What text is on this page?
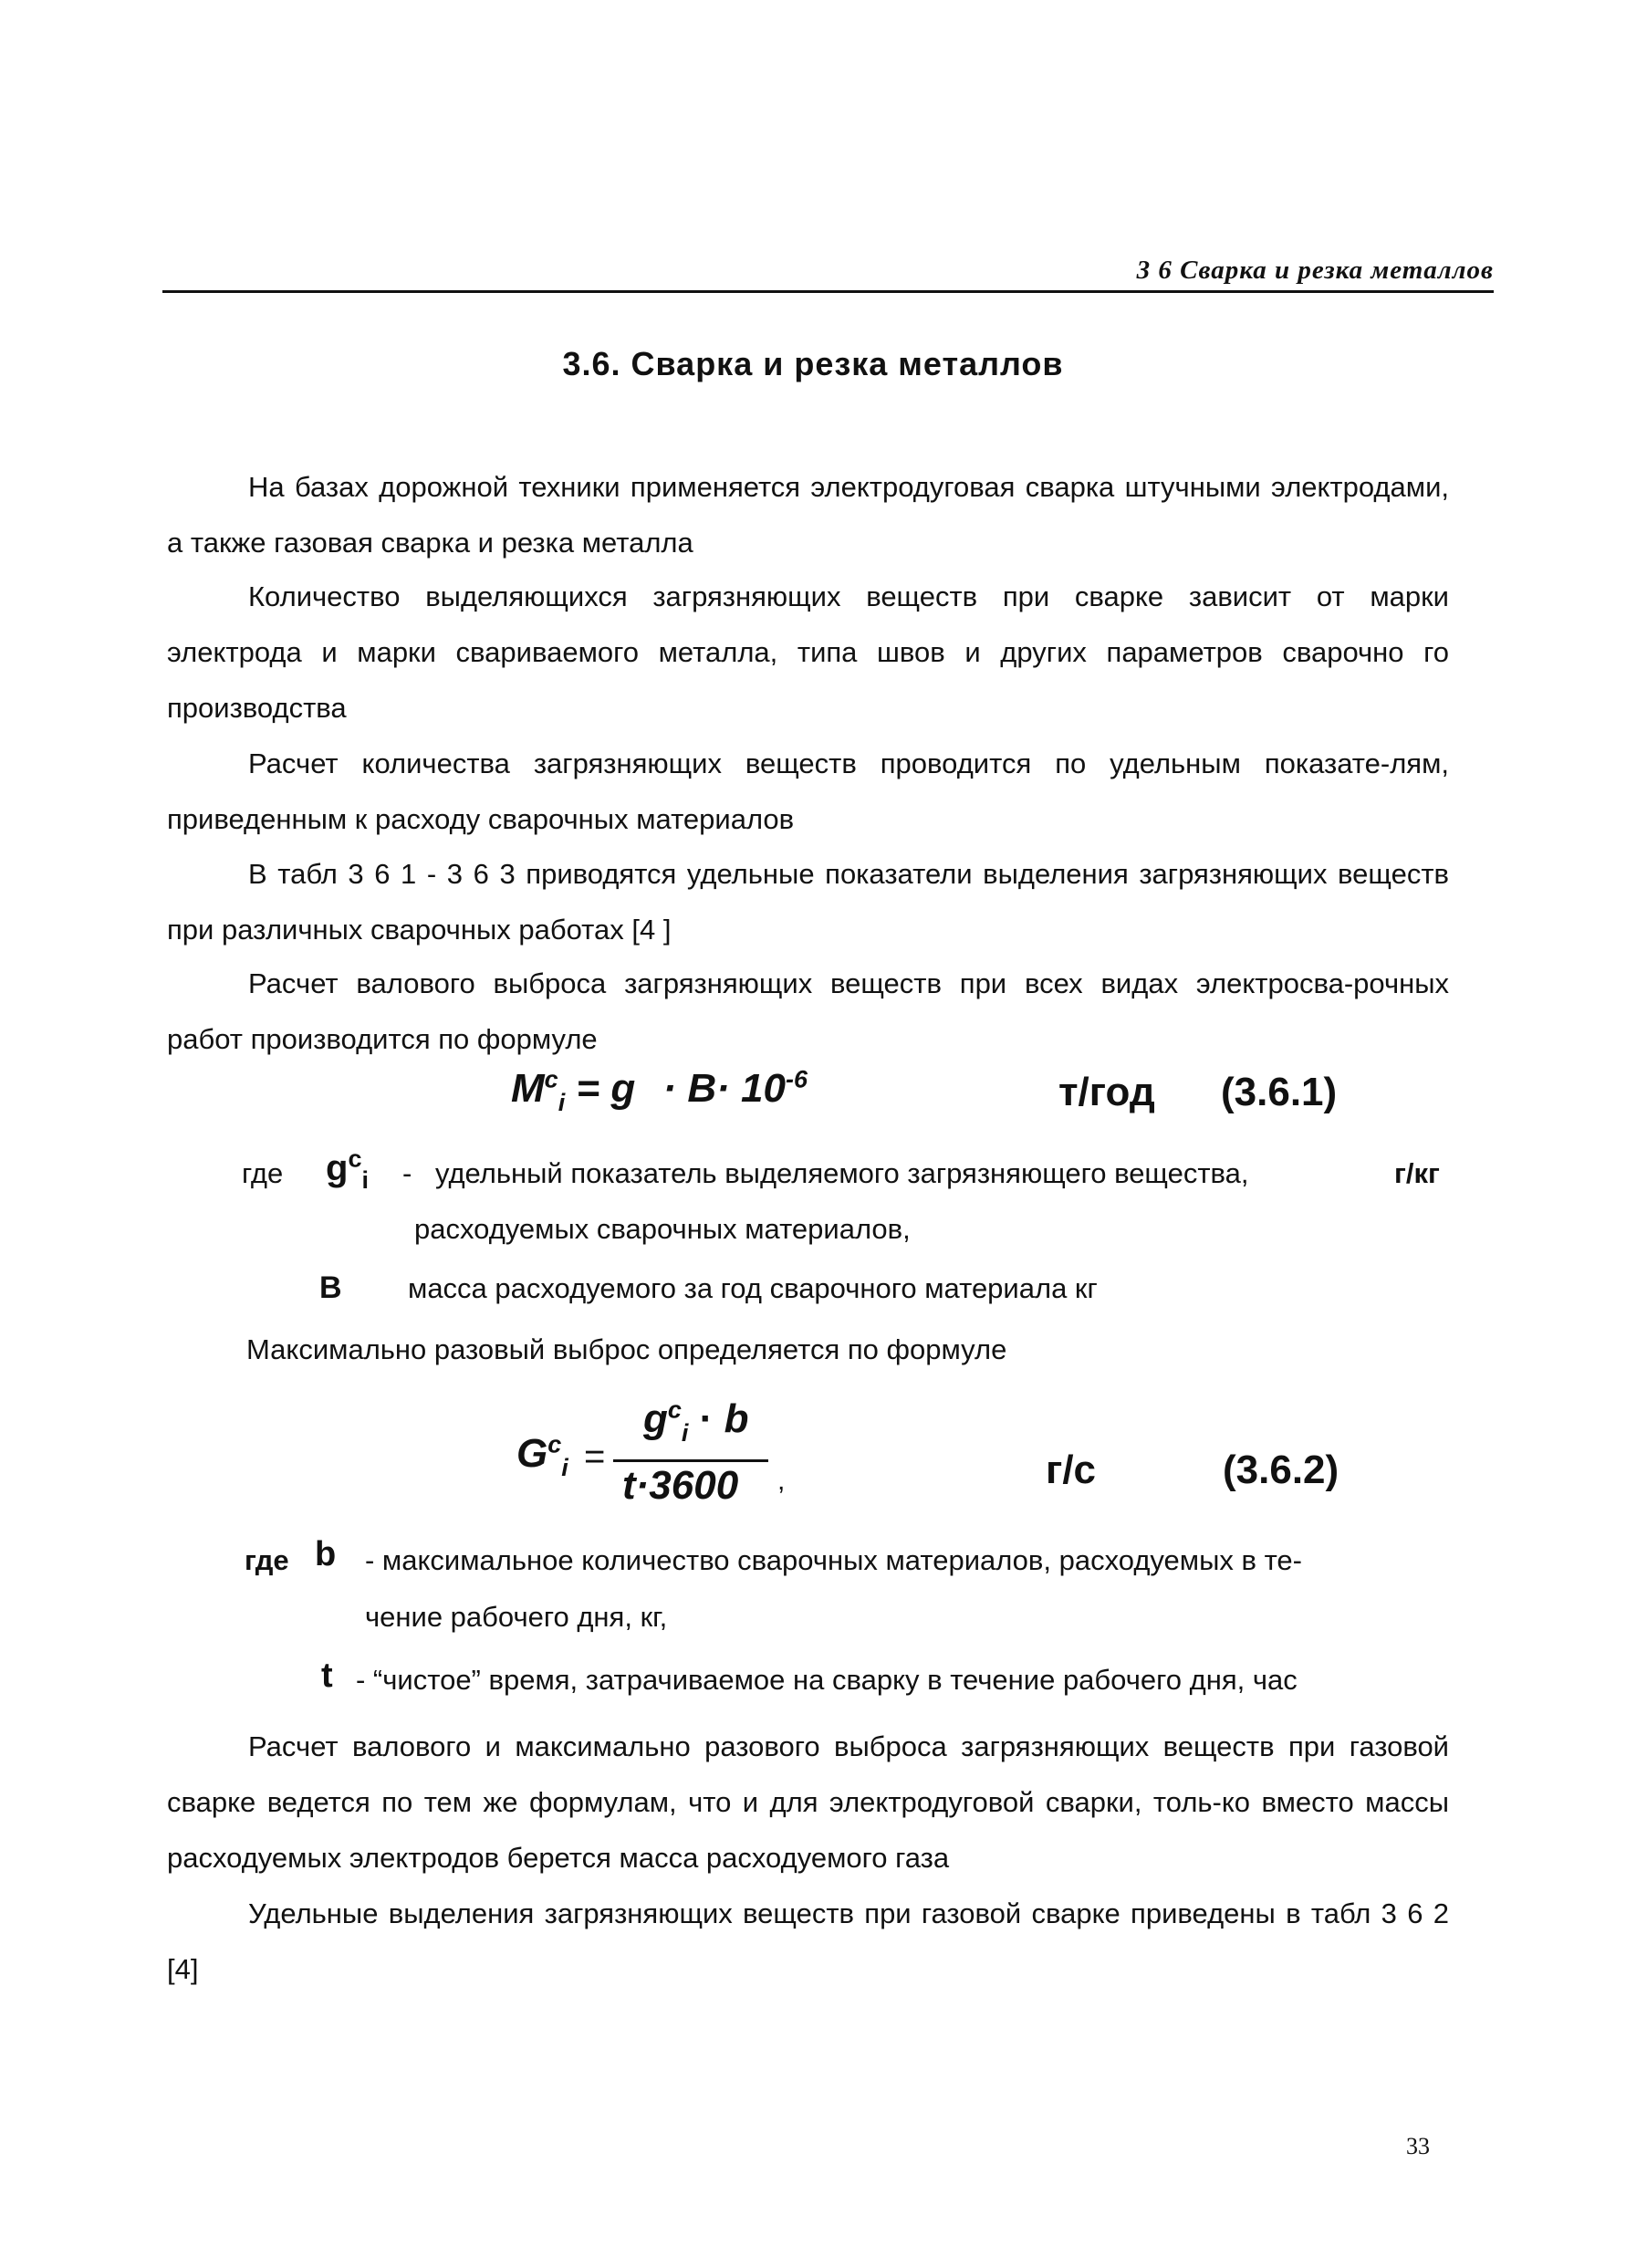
3 6 Сварка и резка металлов
3.6. Сварка и резка металлов
На базах дорожной техники применяется электродуговая сварка штучными электродами, а также газовая сварка и резка металла
Количество выделяющихся загрязняющих веществ при сварке зависит от марки электрода и марки свариваемого металла, типа швов и других параметров сварочно го производства
Расчет количества загрязняющих веществ проводится по удельным показате-лям, приведенным к расходу сварочных материалов
В табл 3 6 1 - 3 6 3 приводятся удельные показатели выделения загрязняющих веществ при различных сварочных работах [4 ]
Расчет валового выброса загрязняющих веществ при всех видах электросва-рочных работ производится по формуле
$M^c_i = g \cdot B\cdot 10^{-6}$	т/год (3.6.1)
где $g^c_i$ - удельный показатель выделяемого загрязняющего вещества,	г/кг
расходуемых сварочных материалов,
B масса расходуемого за год сварочного материала кг
Максимально разовый выброс определяется по формуле
$G^c_i$ =
$g^c_i \cdot b$
t·3600 ,	г/с	(3.6.2)
где b - максимальное количество сварочных материалов, расходуемых в те-
чение рабочего дня, кг,
t - “чистое” время, затрачиваемое на сварку в течение рабочего дня, час
Расчет валового и максимально разового выброса загрязняющих веществ при газовой сварке ведется по тем же формулам, что и для электродуговой сварки, толь-ко вместо массы расходуемых электродов берется масса расходуемого газа
Удельные выделения загрязняющих веществ при газовой сварке приведены в табл 3 6 2 [4]
33
